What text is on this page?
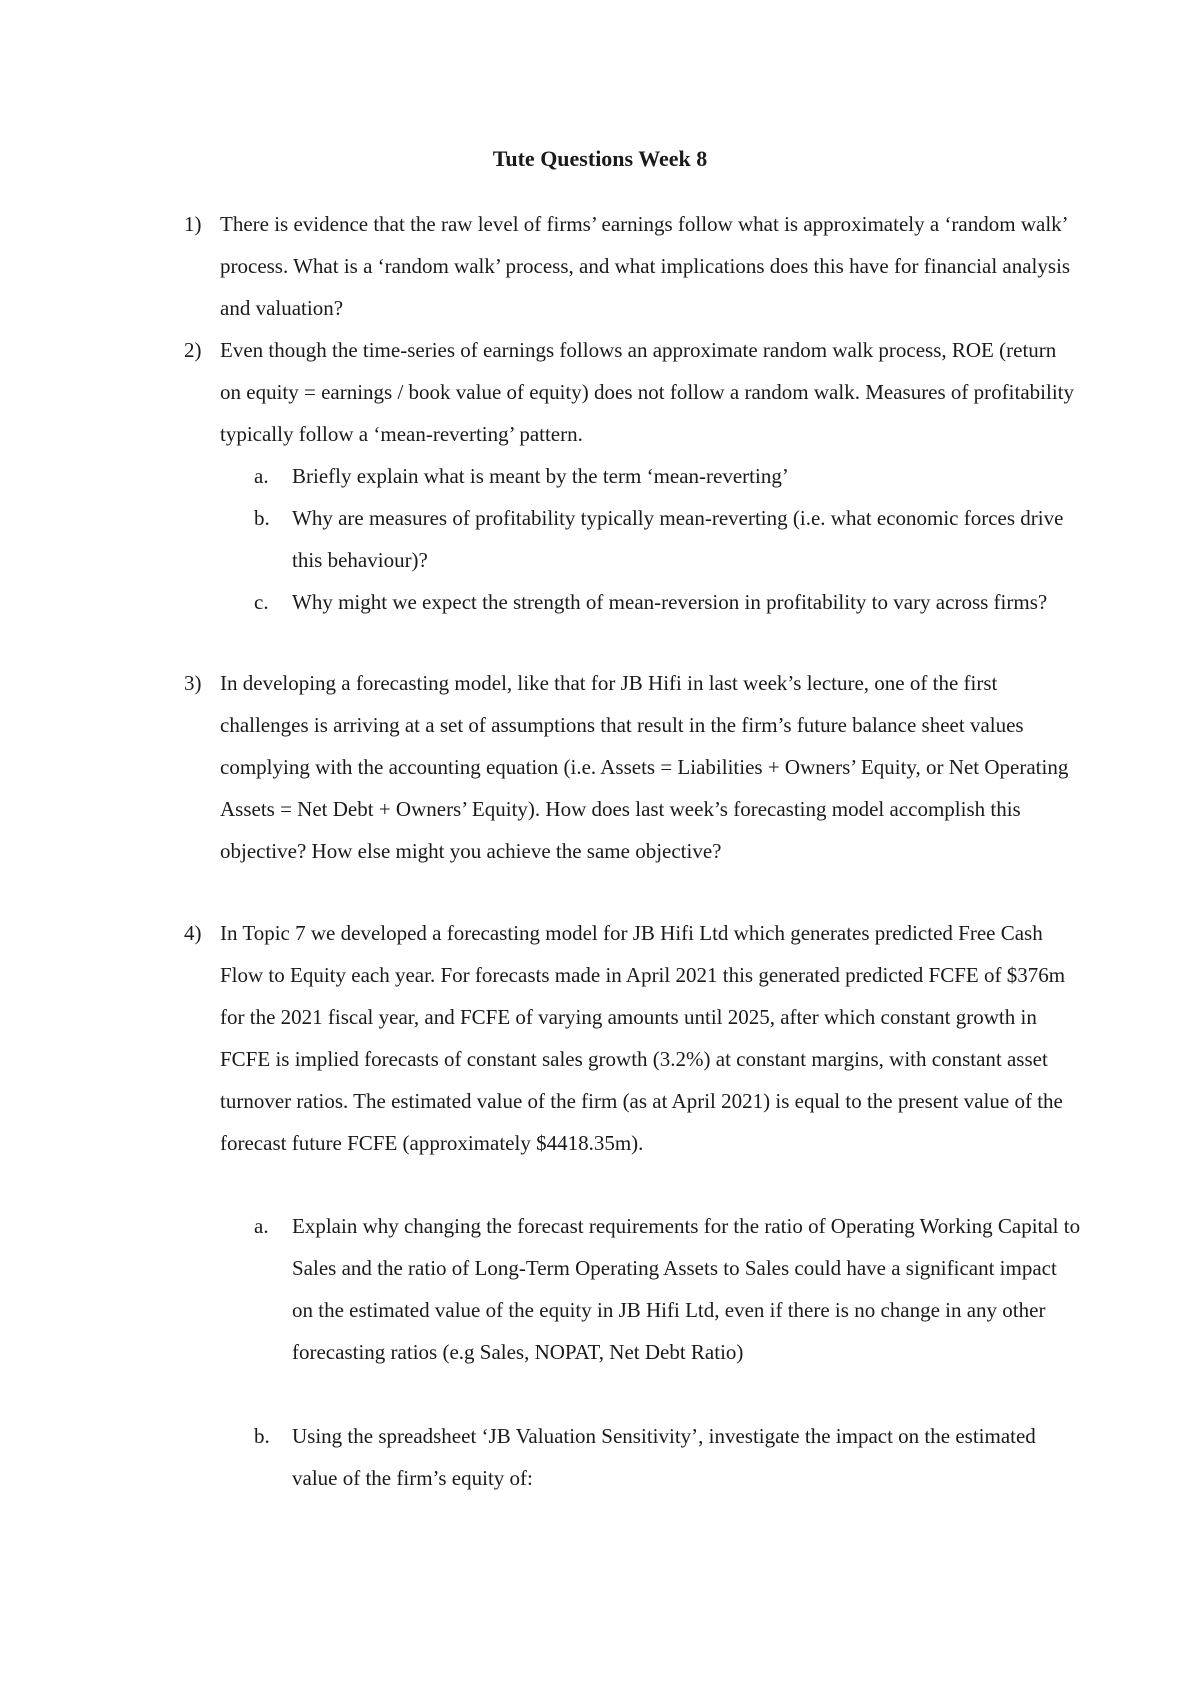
Tute Questions Week 8
1) There is evidence that the raw level of firms’ earnings follow what is approximately a ‘random walk’ process. What is a ‘random walk’ process, and what implications does this have for financial analysis and valuation?
2) Even though the time-series of earnings follows an approximate random walk process, ROE (return on equity = earnings / book value of equity) does not follow a random walk. Measures of profitability typically follow a ‘mean-reverting’ pattern.
a. Briefly explain what is meant by the term ‘mean-reverting’
b. Why are measures of profitability typically mean-reverting (i.e. what economic forces drive this behaviour)?
c. Why might we expect the strength of mean-reversion in profitability to vary across firms?
3) In developing a forecasting model, like that for JB Hifi in last week’s lecture, one of the first challenges is arriving at a set of assumptions that result in the firm’s future balance sheet values complying with the accounting equation (i.e. Assets = Liabilities + Owners’ Equity, or Net Operating Assets = Net Debt + Owners’ Equity). How does last week’s forecasting model accomplish this objective? How else might you achieve the same objective?
4) In Topic 7 we developed a forecasting model for JB Hifi Ltd which generates predicted Free Cash Flow to Equity each year. For forecasts made in April 2021 this generated predicted FCFE of $376m for the 2021 fiscal year, and FCFE of varying amounts until 2025, after which constant growth in FCFE is implied forecasts of constant sales growth (3.2%) at constant margins, with constant asset turnover ratios. The estimated value of the firm (as at April 2021) is equal to the present value of the forecast future FCFE (approximately $4418.35m).
a. Explain why changing the forecast requirements for the ratio of Operating Working Capital to Sales and the ratio of Long-Term Operating Assets to Sales could have a significant impact on the estimated value of the equity in JB Hifi Ltd, even if there is no change in any other forecasting ratios (e.g Sales, NOPAT, Net Debt Ratio)
b. Using the spreadsheet ‘JB Valuation Sensitivity’, investigate the impact on the estimated value of the firm’s equity of:
